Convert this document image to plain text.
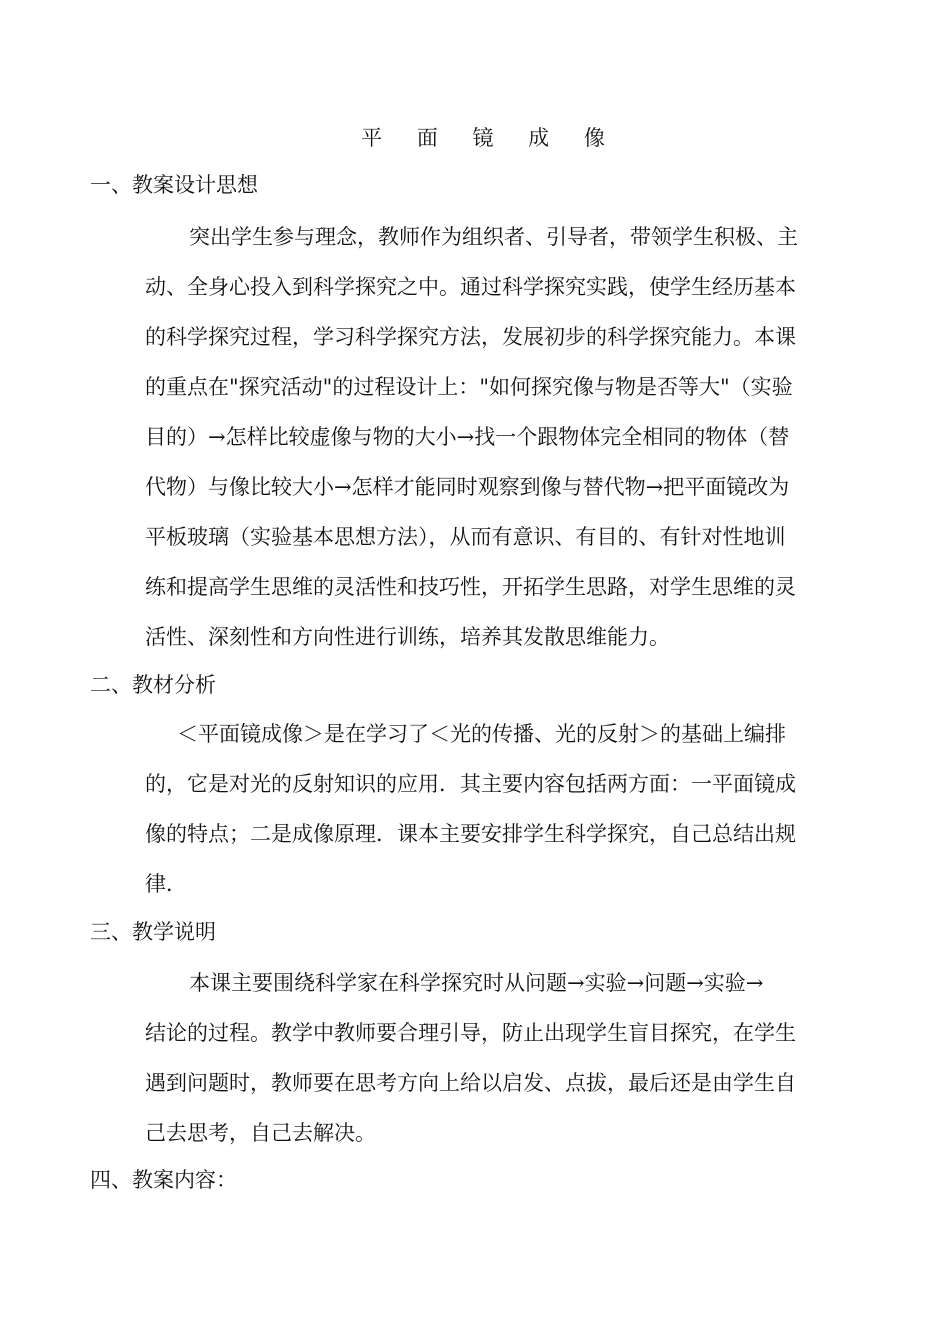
平 面 镜 成 像
一、教案设计思想
突出学生参与理念，教师作为组织者、引导者，带领学生积极、主
动、全身心投入到科学探究之中。通过科学探究实践，使学生经历基本
的科学探究过程，学习科学探究方法，发展初步的科学探究能力。本课
的重点在"探究活动"的过程设计上："如何探究像与物是否等大"（实验
目的）→怎样比较虚像与物的大小→找一个跟物体完全相同的物体（替
代物）与像比较大小→怎样才能同时观察到像与替代物→把平面镜改为
平板玻璃（实验基本思想方法），从而有意识、有目的、有针对性地训
练和提高学生思维的灵活性和技巧性，开拓学生思路，对学生思维的灵
活性、深刻性和方向性进行训练，培养其发散思维能力。
二、教材分析
＜平面镜成像＞是在学习了＜光的传播、光的反射＞的基础上编排
的，它是对光的反射知识的应用．其主要内容包括两方面：一平面镜成
像的特点；二是成像原理．课本主要安排学生科学探究，自己总结出规
律．
三、教学说明
本课主要围绕科学家在科学探究时从问题→实验→问题→实验→
结论的过程。教学中教师要合理引导，防止出现学生盲目探究，在学生
遇到问题时，教师要在思考方向上给以启发、点拔，最后还是由学生自
己去思考，自己去解决。
四、教案内容：
